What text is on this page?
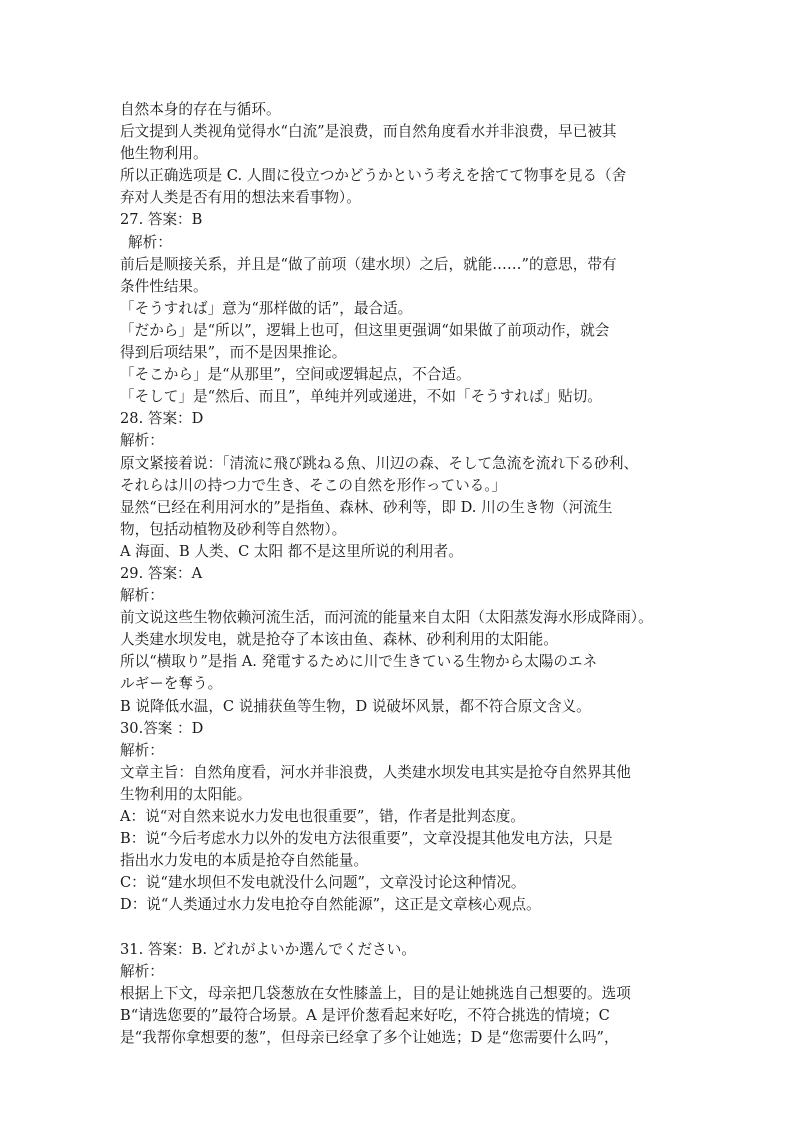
自然本身的存在与循环。
后文提到人类视角觉得水“白流”是浪费，而自然角度看水并非浪费，早已被其
他生物利用。
所以正确选项是 C. 人間に役立つかどうかという考えを捨てて物事を見る（舍
弃对人类是否有用的想法来看事物）。
27. 答案：B
解析：
前后是顺接关系，并且是“做了前项（建水坝）之后，就能……”的意思，带有
条件性结果。
「そうすれば」意为“那样做的话”，最合适。
「だから」是“所以”，逻辑上也可，但这里更强调“如果做了前项动作，就会
得到后项结果”，而不是因果推论。
「そこから」是“从那里”，空间或逻辑起点，不合适。
「そして」是“然后、而且”，单纯并列或递进，不如「そうすれば」贴切。
28. 答案：D
解析：
原文紧接着说：「清流に飛び跳ねる魚、川辺の森、そして急流を流れ下る砂利、
それらは川の持つ力で生き、そこの自然を形作っている。」
显然“已经在利用河水的”是指鱼、森林、砂利等，即 D. 川の生き物（河流生
物，包括动植物及砂利等自然物）。
A 海面、B 人类、C 太阳 都不是这里所说的利用者。
29. 答案：A
解析：
前文说这些生物依赖河流生活，而河流的能量来自太阳（太阳蒸发海水形成降雨）。
人类建水坝发电，就是抢夺了本该由鱼、森林、砂利利用的太阳能。
所以“横取り”是指 A. 発電するために川で生きている生物から太陽のエネ
ルギーを奪う。
B 说降低水温，C 说捕获鱼等生物，D 说破坏风景，都不符合原文含义。
30.答案 ：D
解析：
文章主旨：自然角度看，河水并非浪费，人类建水坝发电其实是抢夺自然界其他
生物利用的太阳能。
A：说“对自然来说水力发电也很重要”，错，作者是批判态度。
B：说“今后考虑水力以外的发电方法很重要”，文章没提其他发电方法，只是
指出水力发电的本质是抢夺自然能量。
C：说“建水坝但不发电就没什么问题”，文章没讨论这种情况。
D：说“人类通过水力发电抢夺自然能源”，这正是文章核心观点。
31. 答案：B. どれがよいか選んでください。
解析：
根据上下文，母亲把几袋葱放在女性膝盖上，目的是让她挑选自己想要的。选项
B“请选您要的”最符合场景。A 是评价葱看起来好吃，不符合挑选的情境；C
是“我帮你拿想要的葱”，但母亲已经拿了多个让她选；D 是“您需要什么吗”，
